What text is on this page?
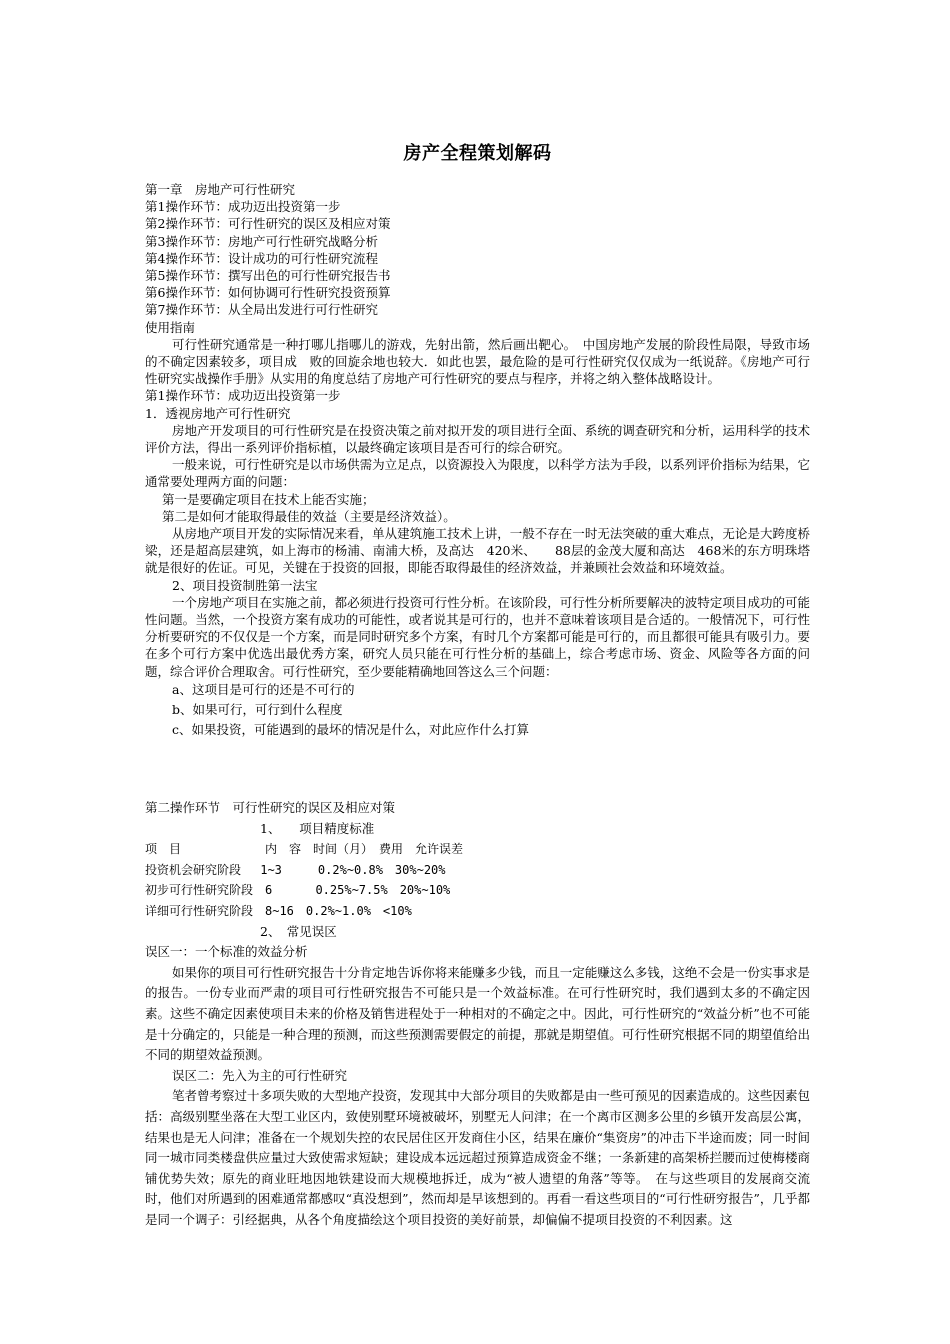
房产全程策划解码

第一章　房地产可行性研究

第1操作环节：成功迈出投资第一步

第2操作环节：可行性研究的误区及相应对策

第3操作环节：房地产可行性研究战略分析

第4操作环节：设计成功的可行性研究流程

第5操作环节：撰写出色的可行性研究报告书

第6操作环节：如何协调可行性研究投资预算

第7操作环节：从全局出发进行可行性研究

使用指南

可行性研究通常是一种打哪儿指哪儿的游戏，先射出箭，然后画出靶心。　中国房地产发展的阶段性局限，导致市场的不确定因素较多，项目成　败的回旋余地也较大．如此也罢，最危险的是可行性研究仅仅成为一纸说辞。《房地产可行性研究实战操作手册》从实用的角度总结了房地产可行性研究的要点与程序，并将之纳入整体战略设计。

第1操作环节：成功迈出投资第一步

1．透视房地产可行性研究

房地产开发项目的可行性研究是在投资决策之前对拟开发的项目进行全面、系统的调查研究和分析，运用科学的技术评价方法，得出一系列评价指标植，以最终确定该项目是否可行的综合研究。

一般来说，可行性研究是以市场供需为立足点，以资源投入为限度，以科学方法为手段，以系列评价指标为结果，它通常要处理两方面的问题：

第一是要确定项目在技术上能否实施；

第二是如何才能取得最佳的效益（主要是经济效益）。

从房地产项目开发的实际情况来看，单从建筑施工技术上讲，一般不存在一时无法突破的重大难点，无论是大跨度桥梁，还是超高层建筑，如上海市的杨浦、南浦大桥，及高达　420米、　　88层的金茂大厦和高达　468米的东方明珠塔就是很好的佐证。可见，关键在于投资的回报，即能否取得最佳的经济效益，并兼顾社会效益和环境效益。

2、项目投资制胜第一法宝

一个房地产项目在实施之前，都必须进行投资可行性分析。在该阶段，可行性分析所要解决的波特定项目成功的可能性问题。当然，一个投资方案有成功的可能性，或者说其是可行的，也并不意味着该项目是合适的。一般情况下，可行性分析要研究的不仅仅是一个方案，而是同时研究多个方案，有时几个方案都可能是可行的，而且都很可能具有吸引力。要在多个可行方案中优选出最优秀方案，研究人员只能在可行性分析的基础上，综合考虑市场、资金、风险等各方面的问题，综合评价合理取舍。可行性研究，至少要能精确地回答这么三个问题：

a、这项目是可行的还是不可行的

b、如果可行，可行到什么程度

c、如果投资，可能遇到的最坏的情况是什么，对此应作什么打算

第二操作环节　可行性研究的误区及相应对策

1、　　项目精度标准

项　目　　　　　　　内　容　时间（月）　费用　允许误差

投资机会研究阶段　 1~3　　　0.2%~0.8%　30%~20%

初步可行性研究阶段　6　　　 0.25%~7.5%　20%~10%

详细可行性研究阶段　8~16　0.2%~1.0%　<10%

2、　常见误区

误区一：一个标准的效益分析

如果你的项目可行性研究报告十分肯定地告诉你将来能赚多少钱，而且一定能赚这么多钱，这绝不会是一份实事求是的报告。一份专业而严肃的项目可行性研究报告不可能只是一个效益标准。在可行性研究时，我们遇到太多的不确定因素。这些不确定因素使项目未来的价格及销售进程处于一种相对的不确定之中。因此，可行性研究的“效益分析”也不可能是十分确定的，只能是一种合理的预测，而这些预测需要假定的前提，那就是期望值。可行性研究根据不同的期望值给出不同的期望效益预测。

误区二：先入为主的可行性研究

笔者曾考察过十多项失败的大型地产投资，发现其中大部分项目的失败都是由一些可预见的因素造成的。这些因素包括：高级别墅坐落在大型工业区内，致使别墅环境被破坏，别墅无人问津；在一个离市区测多公里的乡镇开发高层公寓，结果也是无人问津；准备在一个规划失控的农民居住区开发商住小区，结果在廉价“集资房”的冲击下半途而废；同一时间同一城市同类楼盘供应量过大致使需求短缺；建设成本远远超过预算造成资金不继；一条新建的高架桥拦腰而过使梅楼商铺优势失效；原先的商业旺地因地铁建设而大规模地拆迁，成为“被人遗望的角落”等等。　在与这些项目的发展商交流时，他们对所遇到的困难通常都感叹“真没想到”，然而却是早该想到的。再看一看这些项目的“可行性研穷报告”，几乎都是同一个调子：引经据典，从各个角度描绘这个项目投资的美好前景，却偏偏不提项目投资的不利因素。这
